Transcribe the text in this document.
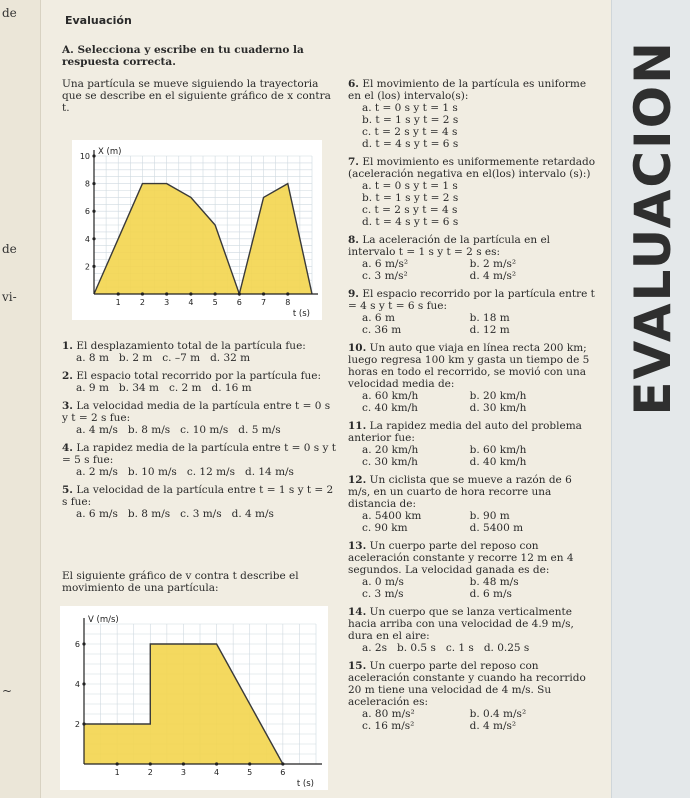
de
de
vi-
~
Evaluación
EVALUACION
A. Selecciona y escribe en tu cuaderno la respuesta correcta.
Una partícula se mueve siguiendo la trayectoria que se describe en el siguiente gráfico de x contra t.
1 2 3 4 5 6 7 8
2
4
6
8
10 X (m)
t (s)
1. El desplazamiento total de la partícula fue:
a. 8 m b. 2 m c. –7 m d. 32 m
2. El espacio total recorrido por la partícula fue:
a. 9 m b. 34 m c. 2 m d. 16 m
3. La velocidad media de la partícula entre t = 0 s y t = 2 s fue:
a. 4 m/s b. 8 m/s c. 10 m/s d. 5 m/s
4. La rapidez media de la partícula entre t = 0 s y t = 5 s fue:
a. 2 m/s b. 10 m/s c. 12 m/s d. 14 m/s
5. La velocidad de la partícula entre t = 1 s y t = 2 s fue:
a. 6 m/s b. 8 m/s c. 3 m/s d. 4 m/s
El siguiente gráfico de v contra t describe el movimiento de una partícula:
1	2	3	4	5	6
2
4
6
V (m/s)
t (s)
6. El movimiento de la partícula es uniforme en el (los) intervalo(s):
a. t = 0 s y t = 1 s
b. t = 1 s y t = 2 s
c. t = 2 s y t = 4 s
d. t = 4 s y t = 6 s
7. El movimiento es uniformemente retardado (aceleración negativa en el(los) intervalo (s):)
a. t = 0 s y t = 1 s
b. t = 1 s y t = 2 s
c. t = 2 s y t = 4 s
d. t = 4 s y t = 6 s
8. La aceleración de la partícula en el intervalo t = 1 s y t = 2 s es:
a. 6 m/s²	b. 2 m/s²c. 3 m/s²	d. 4 m/s²
9. El espacio recorrido por la partícula entre t = 4 s y t = 6 s fue:
a. 6 m	b. 18 mc. 36 m	d. 12 m
10. Un auto que viaja en línea recta 200 km; luego regresa 100 km y gasta un tiempo de 5 horas en todo el recorrido, se movió con una velocidad media de:
a. 60 km/h	b. 20 km/hc. 40 km/h	d. 30 km/h
11. La rapidez media del auto del problema anterior fue:
a. 20 km/h	b. 60 km/hc. 30 km/h	d. 40 km/h
12. Un ciclista que se mueve a razón de 6 m/s, en un cuarto de hora recorre una distancia de:
a. 5400 km	b. 90 mc. 90 km	d. 5400 m
13. Un cuerpo parte del reposo con aceleración constante y recorre 12 m en 4 segundos. La velocidad ganada es de:
a. 0 m/s	b. 48 m/sc. 3 m/s	d. 6 m/s
14. Un cuerpo que se lanza verticalmente hacia arriba con una velocidad de 4.9 m/s, dura en el aire:
a. 2s b. 0.5 s c. 1 s d. 0.25 s
15. Un cuerpo parte del reposo con aceleración constante y cuando ha recorrido 20 m tiene una velocidad de 4 m/s. Su aceleración es:
a. 80 m/s²	b. 0.4 m/s²c. 16 m/s²	d. 4 m/s²
